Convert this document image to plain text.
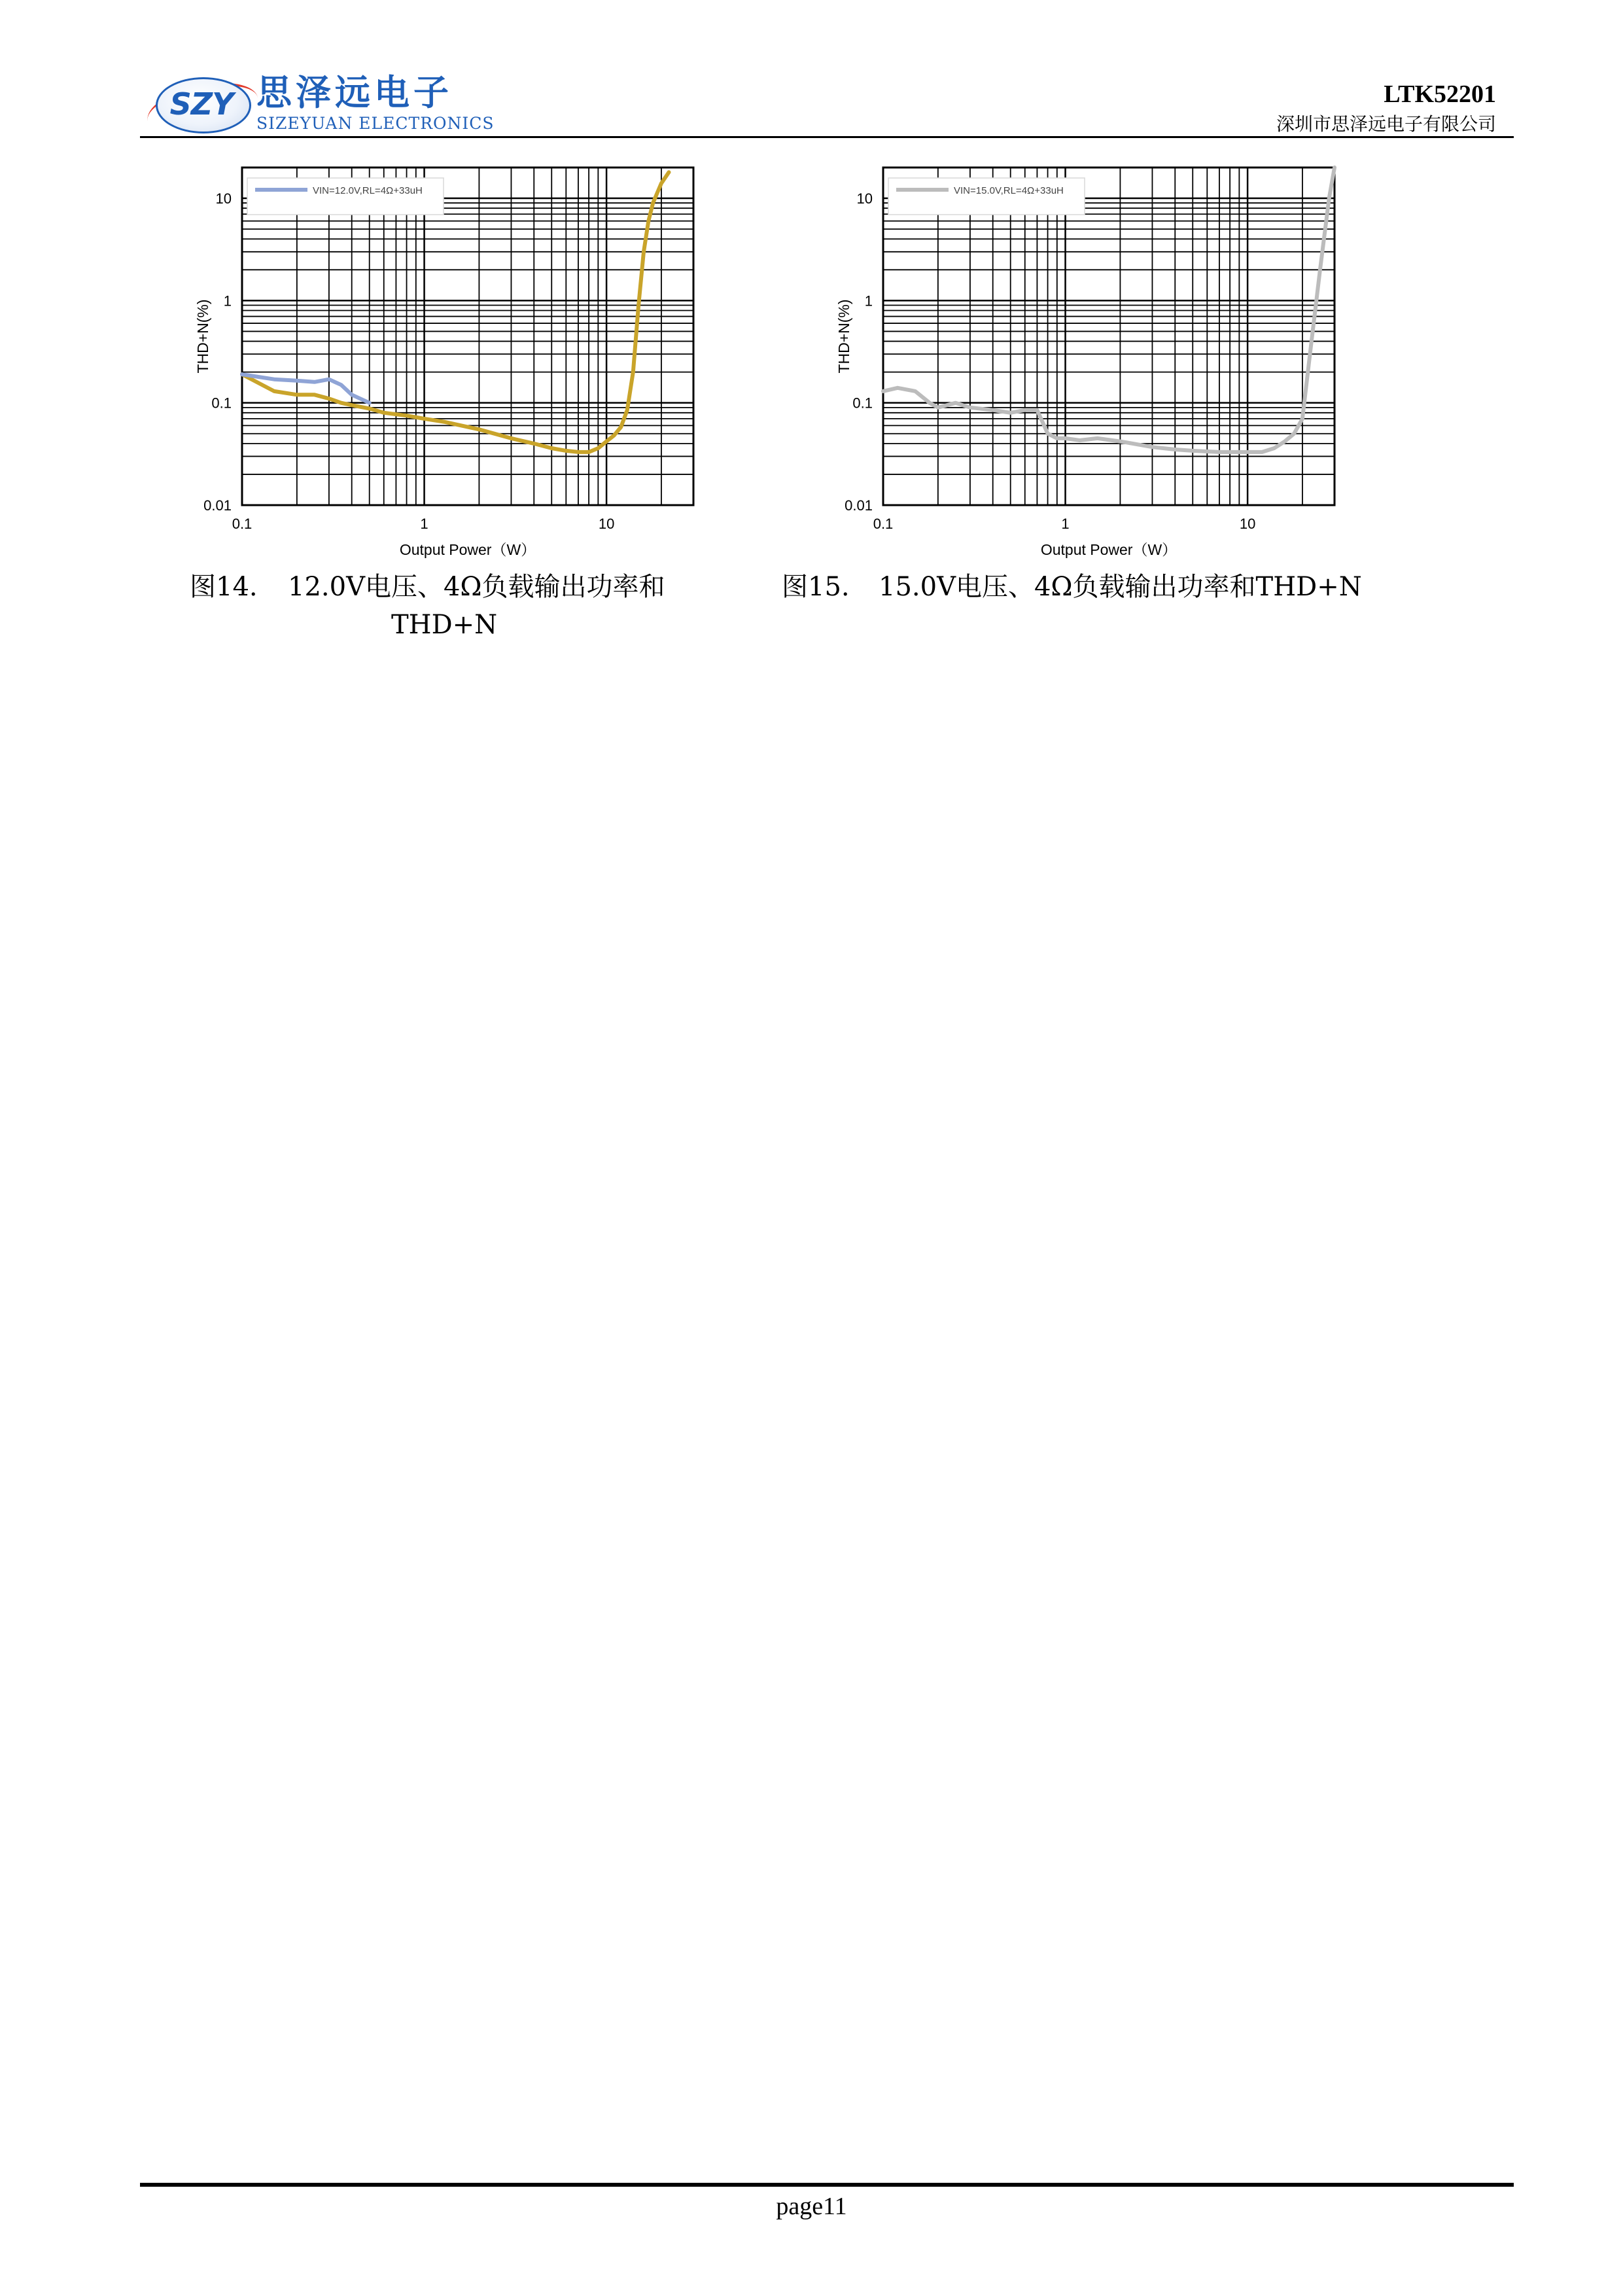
SZY 思泽远电子
SIZEYUAN ELECTRONICS
LTK52201
深圳市思泽远电子有限公司
0.1	1	10
0.01
0.1
1
10
Output Power（W）
THD+N(%)
VIN=12.0V,RL=4Ω+33uH
0.1	1	10
0.01
0.1
1
10
Output Power（W）
THD+N(%)
VIN=15.0V,RL=4Ω+33uH
图14. 12.0V电压、4Ω负载输出功率和
THD+N
图15. 15.0V电压、4Ω负载输出功率和THD+N
page11
